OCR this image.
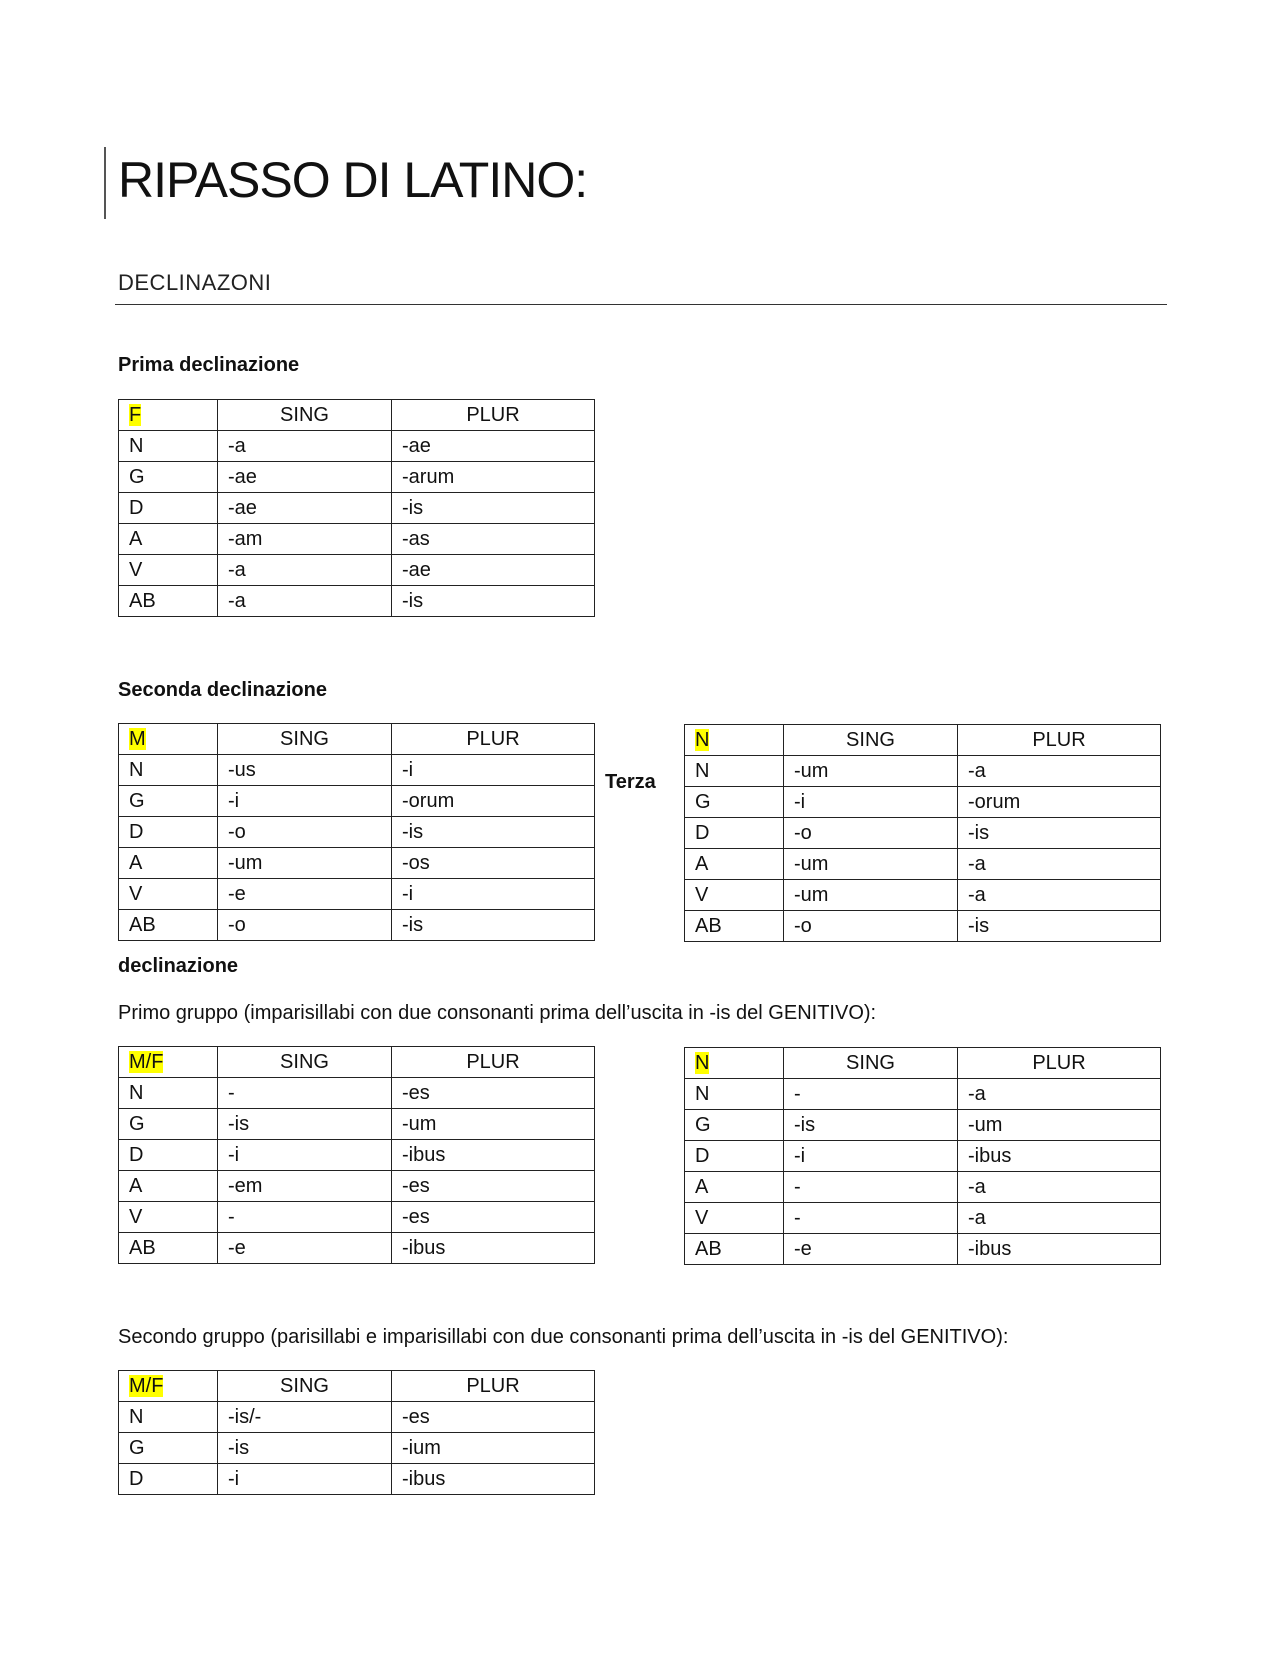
RIPASSO DI LATINO:
DECLINAZONI
Prima declinazione
F	SING	PLUR
N	-a	-ae
G	-ae	-arum
D	-ae	-is
A	-am	-as
V	-a	-ae
AB	-a	-is
Seconda declinazione
M	SING	PLUR
N	-us	-i
G	-i	-orum
D	-o	-is
A	-um	-os
V	-e	-i
AB	-o	-is
N	SING	PLUR
N	-um	-a
G	-i	-orum
D	-o	-is
A	-um	-a
V	-um	-a
AB	-o	-is
Terza
declinazione
Primo gruppo (imparisillabi con due consonanti prima dell’uscita in -is del GENITIVO):
M/F	SING	PLUR
N	-	-es
G	-is	-um
D	-i	-ibus
A	-em	-es
V	-	-es
AB	-e	-ibus
N	SING	PLUR
N	-	-a
G	-is	-um
D	-i	-ibus
A	-	-a
V	-	-a
AB	-e	-ibus
Secondo gruppo (parisillabi e imparisillabi con due consonanti prima dell’uscita in -is del GENITIVO):
M/F	SING	PLUR
N	-is/-	-es
G	-is	-ium
D	-i	-ibus
